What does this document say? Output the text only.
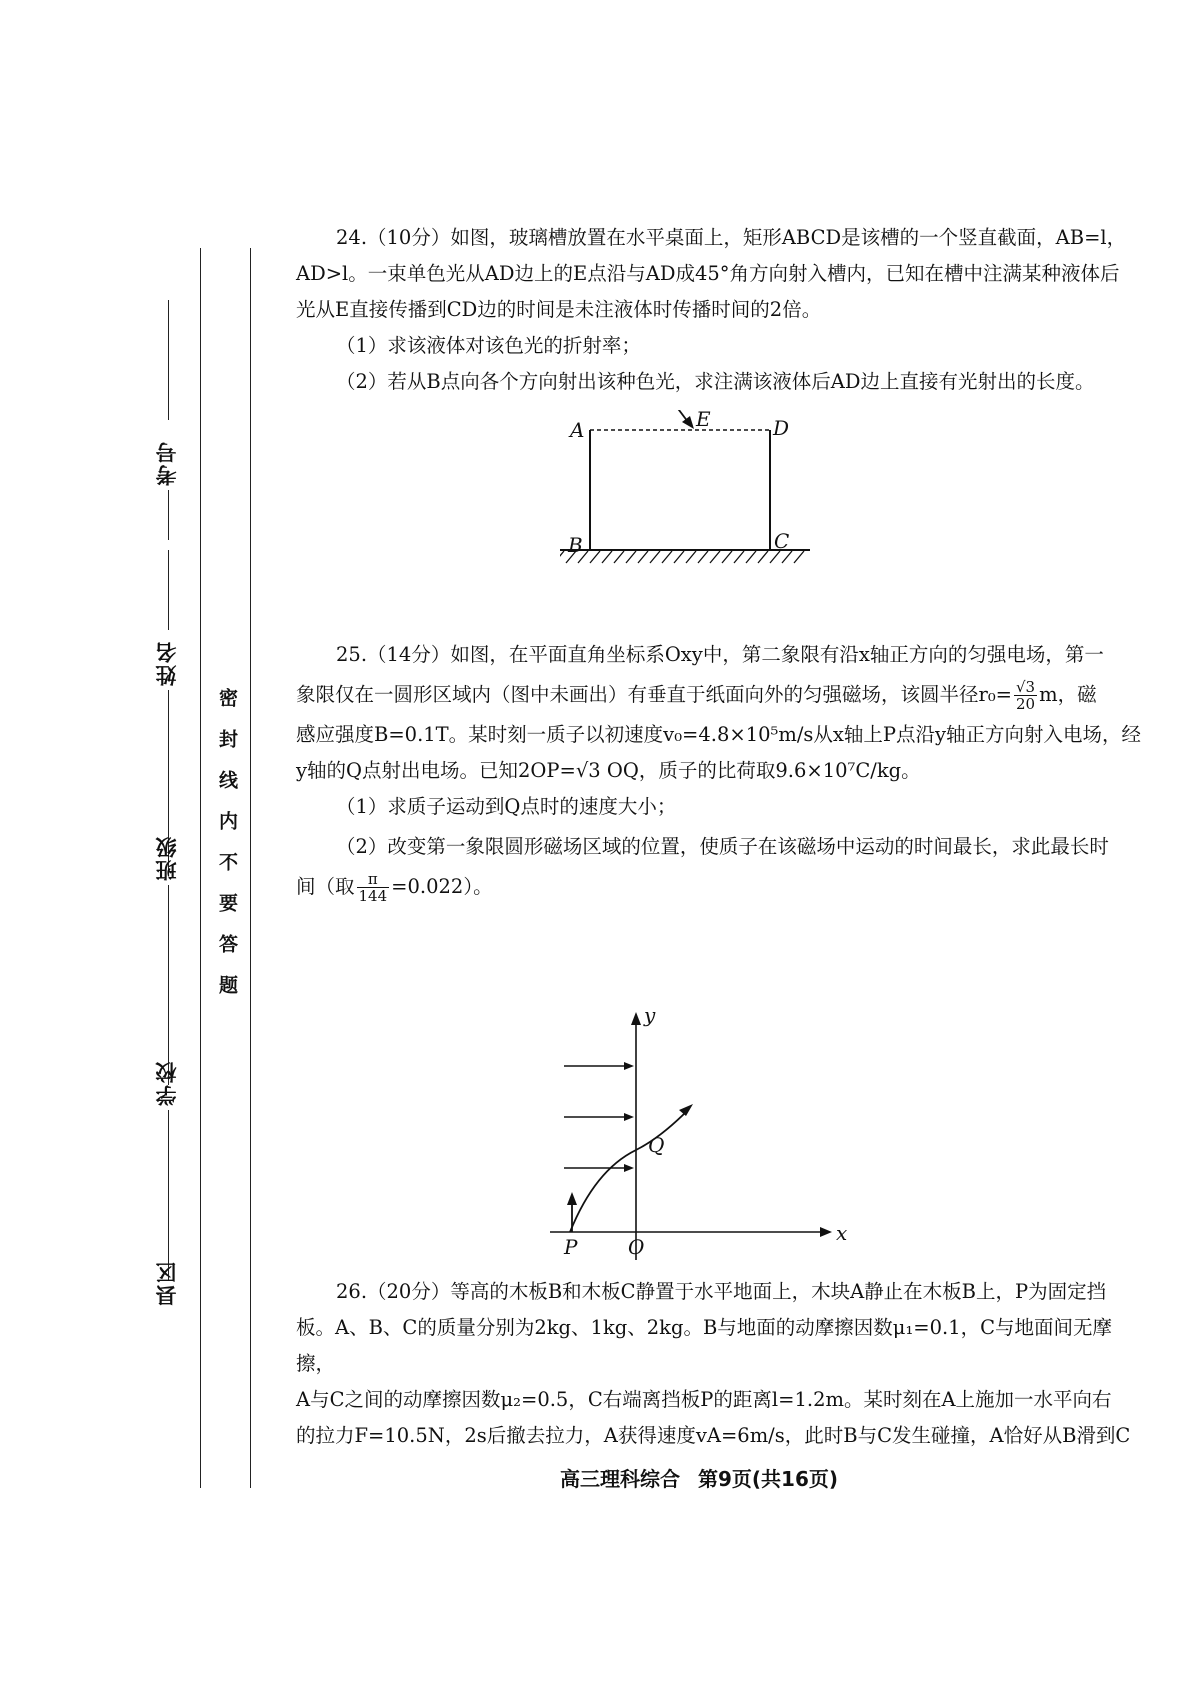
考号
姓名
班级
学校
县区
密封线内不要答题

24.（10分）如图，玻璃槽放置在水平桌面上，矩形ABCD是该槽的一个竖直截面，AB=l，

AD>l。一束单色光从AD边上的E点沿与AD成45°角方向射入槽内，已知在槽中注满某种液体后

光从E直接传播到CD边的时间是未注液体时传播时间的2倍。

（1）求该液体对该色光的折射率；

（2）若从B点向各个方向射出该种色光，求注满该液体后AD边上直接有光射出的长度。

A	D
E
B	C

25.（14分）如图，在平面直角坐标系Oxy中，第二象限有沿x轴正方向的匀强电场，第一

象限仅在一圆形区域内（图中未画出）有垂直于纸面向外的匀强磁场，该圆半径$r_0= \frac{√3}{20}$ m，磁

感应强度B=0.1T。某时刻一质子以初速度v₀=4.8×10⁵m/s从x轴上P点沿y轴正方向射入电场，经

y轴的Q点射出电场。已知2OP=√3 OQ，质子的比荷取9.6×10⁷C/kg。

（1）求质子运动到Q点时的速度大小；

（2）改变第一象限圆形磁场区域的位置，使质子在该磁场中运动的时间最长，求此最长时

间（取 $\frac{\pi}{144} =0.022$）。

y
x
Q
P	O

26.（20分）等高的木板B和木板C静置于水平地面上，木块A静止在木板B上，P为固定挡

板。A、B、C的质量分别为2kg、1kg、2kg。B与地面的动摩擦因数μ₁=0.1，C与地面间无摩擦，

A与C之间的动摩擦因数μ₂=0.5，C右端离挡板P的距离l=1.2m。某时刻在A上施加一水平向右

的拉力F=10.5N，2s后撤去拉力，A获得速度vA=6m/s，此时B与C发生碰撞，A恰好从B滑到C

高三理科综合 第9页(共16页)
